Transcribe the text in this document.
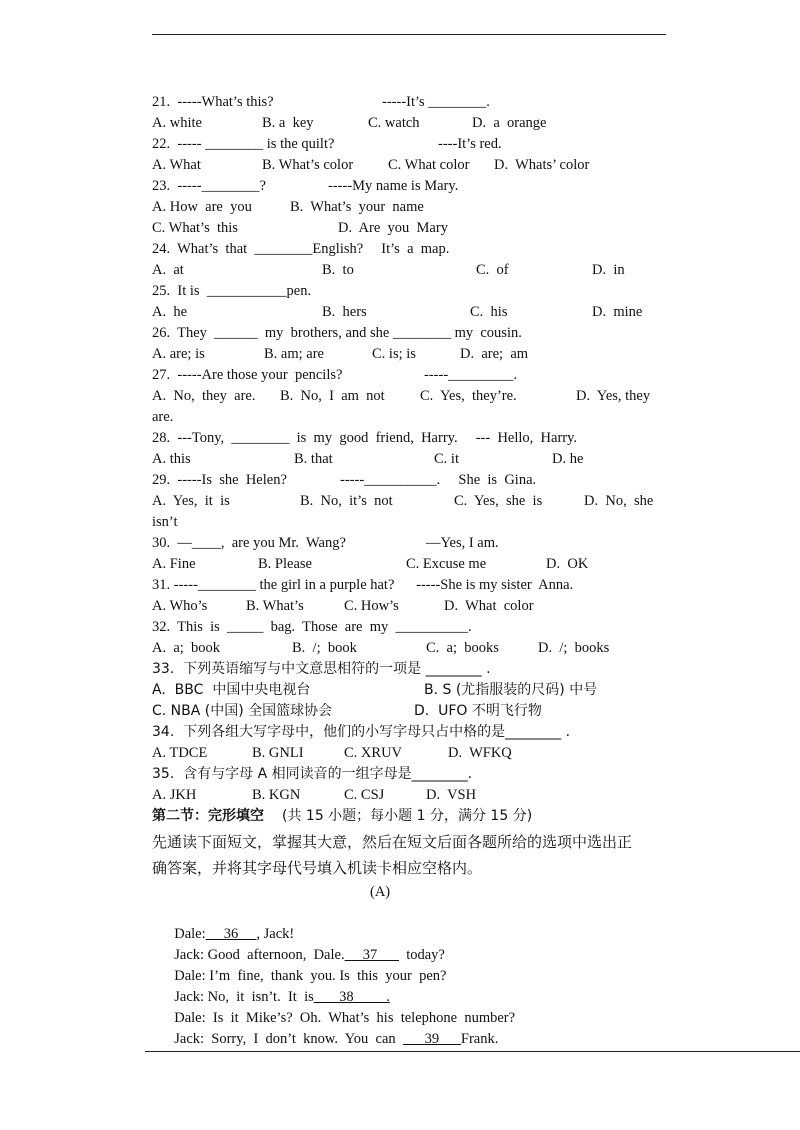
21.  -----What’s this?

	-----It’s ________.

A. white

	B. a  key

	C. watch

	D.  a  orange

22.  ----- ________ is the quilt?

	----It’s red.

A. What

	B. What’s color

C. What color

D.  Whats’ color

23.  -----________?

	-----My name is Mary.

A. How  are  you

	B.  What’s  your  name

C. What’s  this

	D.  Are  you  Mary

24.  What’s  that  ________English?     It’s  a  map.

A.  at

	B.  to

	C.  of

	D.  in

25.  It is  ___________pen.

A.  he

	B.  hers

	C.  his

	D.  mine

26.  They  ______  my  brothers, and she ________ my  cousin.

A. are; is

	B. am; are

	C. is; is

	D.  are;  am

27.  -----Are those your  pencils?

	-----_________.

A.  No,  they  are.

B.  No,  I  am  not

C.  Yes,  they’re.

	D.  Yes, they

are.

28.  ---Tony,  ________  is  my  good  friend,  Harry.     ---  Hello,  Harry.

A. this

	B. that

	C. it

	D. he

29.  -----Is  she  Helen?

	-----__________.     She  is  Gina.

A.  Yes,  it  is

	B.  No,  it’s  not

	C.  Yes,  she  is

	D.  No,  she

isn’t

30.  —____,  are you Mr.  Wang?

	—Yes, I am.

A. Fine

	B. Please

	C. Excuse me

	D.  OK

31. -----________ the girl in a purple hat?      -----She is my sister  Anna.

A. Who’s

	B. What’s

	C. How’s

	D.  What  color

32.  This  is  _____  bag.  Those  are  my  __________.

A.  a;  book

	B.  /;  book

	C.  a;  books

	D.  /;  books

33.  下列英语缩写与中文意思相符的一项是 ________ .

A.  BBC  中国中央电视台

	B. S (尤指服装的尺码) 中号

C. NBA (中国) 全国篮球协会

	D.  UFO 不明飞行物

34.  下列各组大写字母中，他们的小写字母只占中格的是________ .

A. TDCE

	B. GNLI

	C. XRUV

	D.  WFKQ

35.  含有与字母 A 相同读音的一组字母是________.

A. JKH

	B. KGN

	C. CSJ

	D.  VSH

第二节：完形填空

(共 15 小题；每小题 1 分，满分 15 分)

先通读下面短文，掌握其大意，然后在短文后面各题所给的选项中选出正

确答案，并将其字母代号填入机读卡相应空格内。

(A)

Dale:     36     , Jack!

Jack: Good  afternoon,  Dale.     37        today?

Dale: I’m  fine,  thank  you. Is  this  your  pen?

Jack: No,  it  isn’t.  It  is       38         .

Dale:  Is  it  Mike’s?  Oh.  What’s  his  telephone  number?

Jack:  Sorry,  I  don’t  know.  You  can        39      Frank.
